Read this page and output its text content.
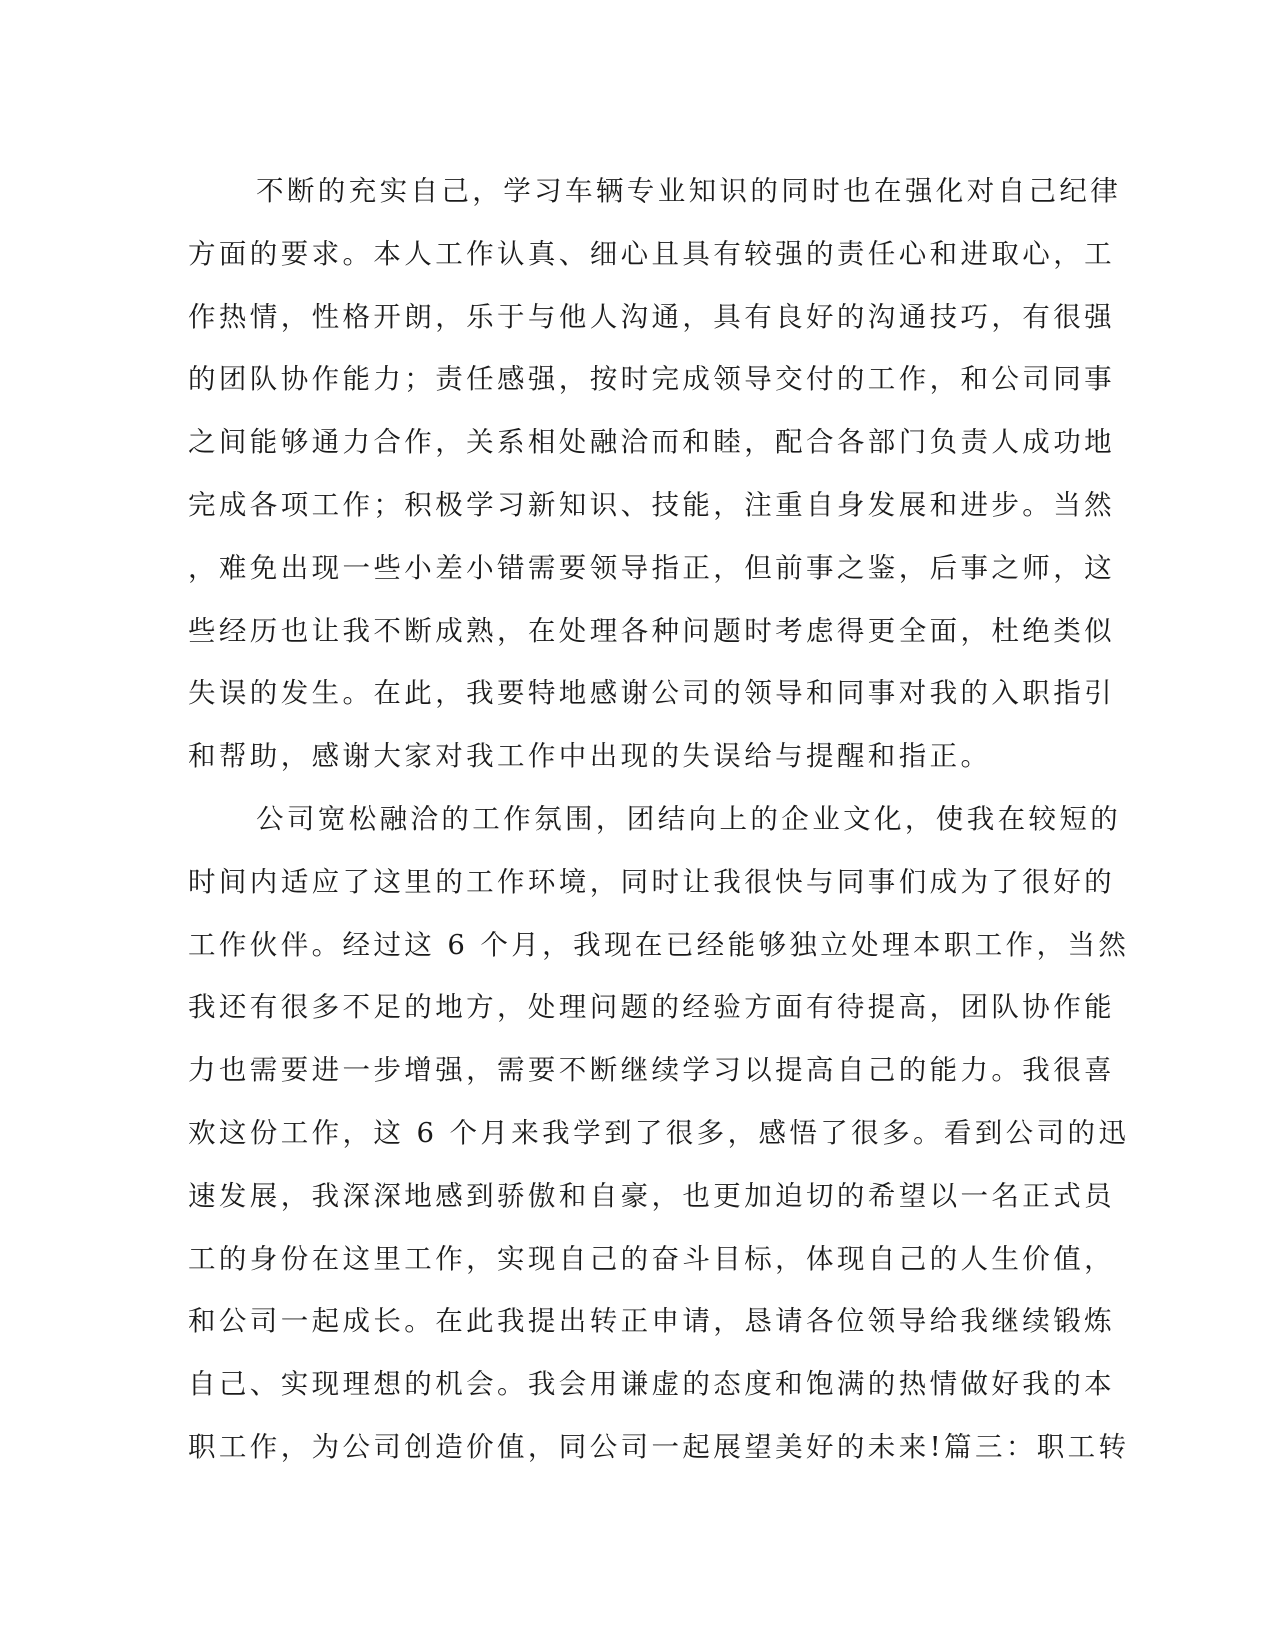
不断的充实自己，学习车辆专业知识的同时也在强化对自己纪律
方面的要求。本人工作认真、细心且具有较强的责任心和进取心，工
作热情，性格开朗，乐于与他人沟通，具有良好的沟通技巧，有很强
的团队协作能力；责任感强，按时完成领导交付的工作，和公司同事
之间能够通力合作，关系相处融洽而和睦，配合各部门负责人成功地
完成各项工作；积极学习新知识、技能，注重自身发展和进步。当然
，难免出现一些小差小错需要领导指正，但前事之鉴，后事之师，这
些经历也让我不断成熟，在处理各种问题时考虑得更全面，杜绝类似
失误的发生。在此，我要特地感谢公司的领导和同事对我的入职指引
和帮助，感谢大家对我工作中出现的失误给与提醒和指正。
公司宽松融洽的工作氛围，团结向上的企业文化，使我在较短的
时间内适应了这里的工作环境，同时让我很快与同事们成为了很好的
工作伙伴。经过这 6 个月，我现在已经能够独立处理本职工作，当然
我还有很多不足的地方，处理问题的经验方面有待提高，团队协作能
力也需要进一步增强，需要不断继续学习以提高自己的能力。我很喜
欢这份工作，这 6 个月来我学到了很多，感悟了很多。看到公司的迅
速发展，我深深地感到骄傲和自豪，也更加迫切的希望以一名正式员
工的身份在这里工作，实现自己的奋斗目标，体现自己的人生价值，
和公司一起成长。在此我提出转正申请，恳请各位领导给我继续锻炼
自己、实现理想的机会。我会用谦虚的态度和饱满的热情做好我的本
职工作，为公司创造价值，同公司一起展望美好的未来!篇三：职工转
